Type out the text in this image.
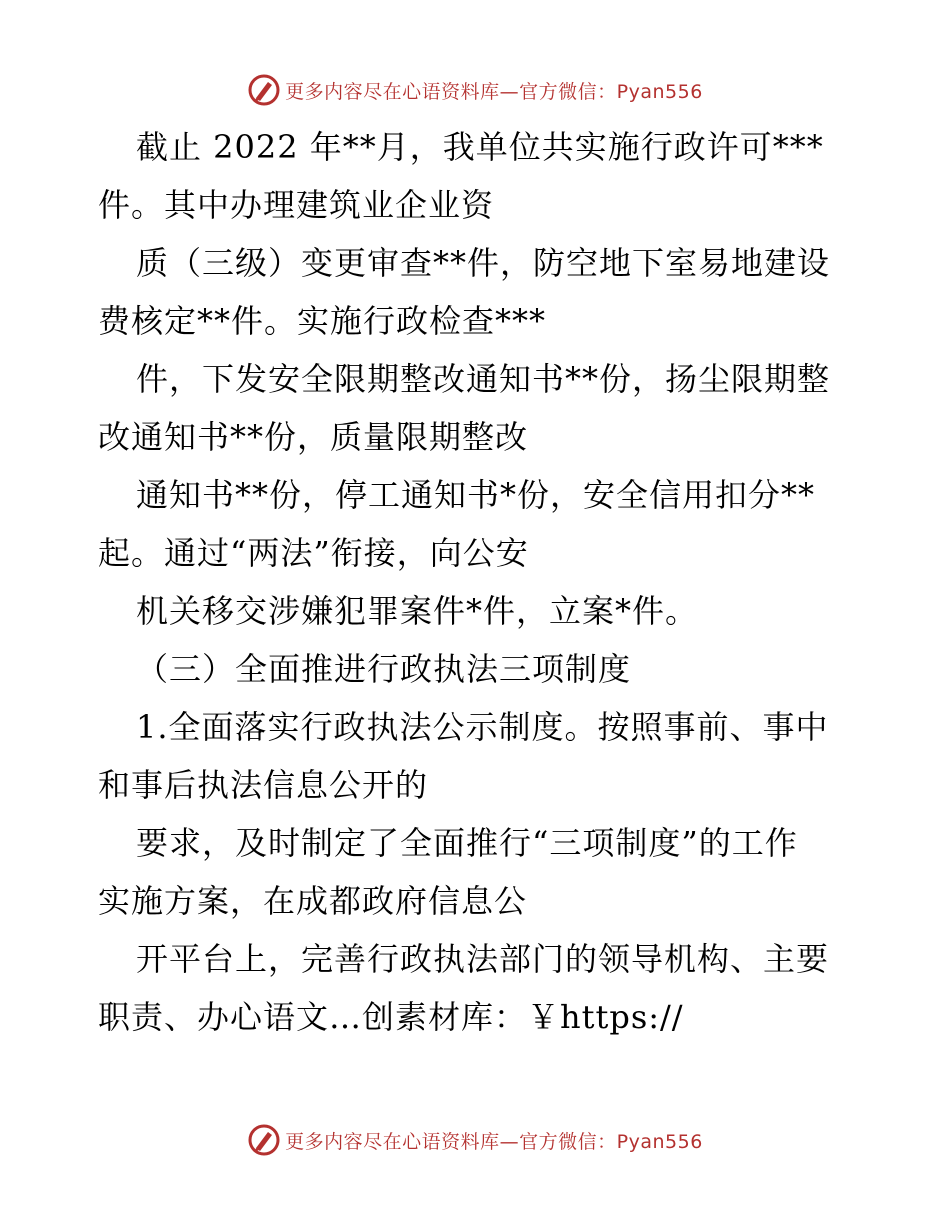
更多内容尽在心语资料库—官方微信：Pyan556
截止 2022 年**月，我单位共实施行政许可***
件。其中办理建筑业企业资
质（三级）变更审查**件，防空地下室易地建设
费核定**件。实施行政检查***
件，下发安全限期整改通知书**份，扬尘限期整
改通知书**份，质量限期整改
通知书**份，停工通知书*份，安全信用扣分**
起。通过“两法”衔接，向公安
机关移交涉嫌犯罪案件*件，立案*件。
（三）全面推进行政执法三项制度
1.全面落实行政执法公示制度。按照事前、事中
和事后执法信息公开的
要求，及时制定了全面推行“三项制度”的工作
实施方案，在成都政府信息公
开平台上，完善行政执法部门的领导机构、主要
职责、办心语文…创素材库：￥https://
更多内容尽在心语资料库—官方微信：Pyan556
